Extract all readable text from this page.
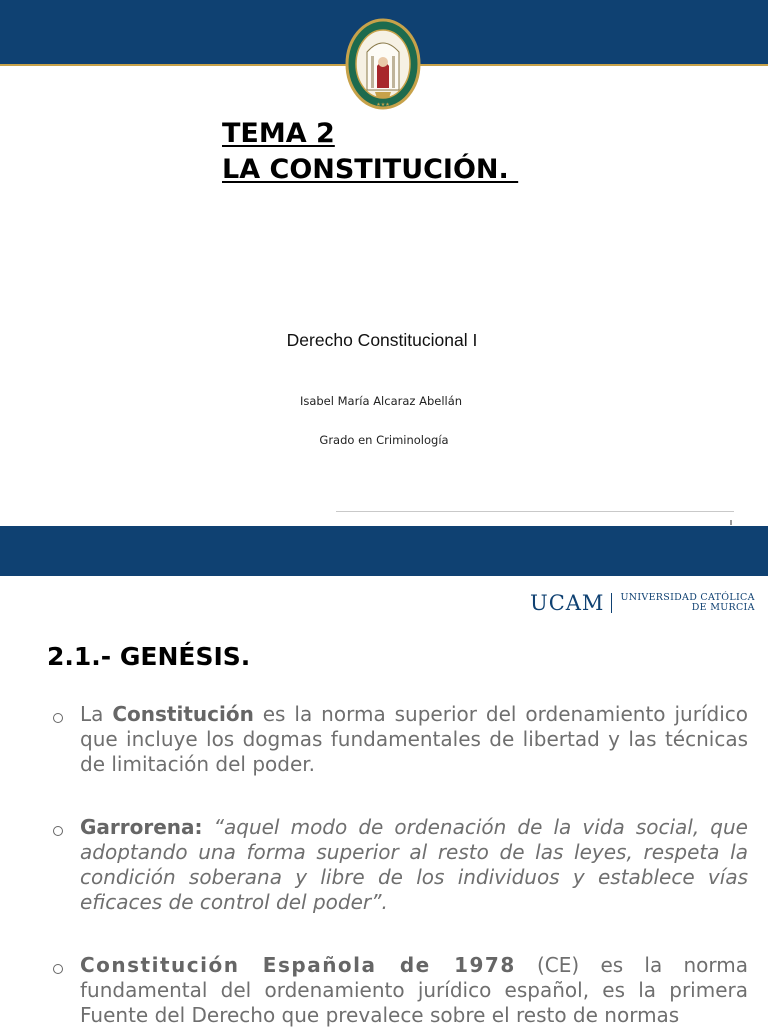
★★★
TEMA 2
LA CONSTITUCIÓN.
Derecho Constitucional I
Isabel María Alcaraz Abellán
Grado en Criminología
UCAM UNIVERSIDAD CATÓLICA
DE MURCIA
2.1.- GENÉSIS.

La Constitución es la norma superior del ordenamiento jurídico que incluye los dogmas fundamentales de libertad y las técnicas de limitación del poder.

Garrorena: “aquel modo de ordenación de la vida social, que adoptando una forma superior al resto de las leyes, respeta la condición soberana y libre de los individuos y establece vías eficaces de control del poder”.

Constitución Española de 1978 (CE) es la norma fundamental del ordenamiento jurídico español, es la primera Fuente del Derecho que prevalece sobre el resto de normas
